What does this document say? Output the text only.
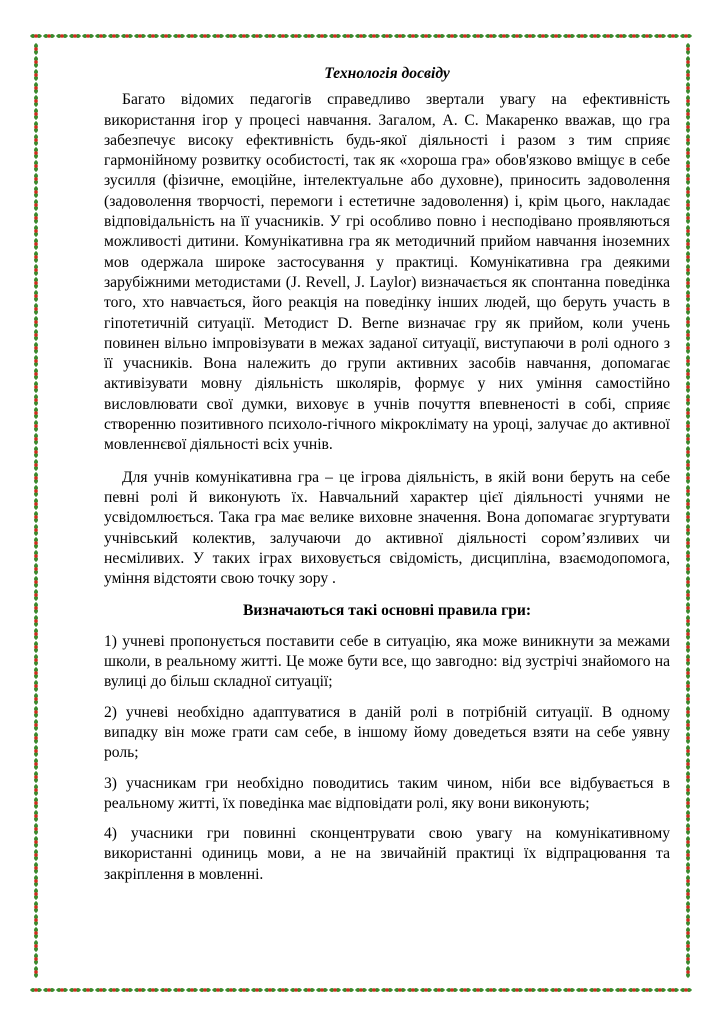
Технологія досвіду

Багато відомих педагогів справедливо звертали увагу на ефективність використання ігор у процесі навчання. Загалом, А. С. Макаренко вважав, що гра забезпечує високу ефективність будь-якої діяльності і разом з тим сприяє гармонійному розвитку особистості, так як «хороша гра» обов'язково вміщує в себе зусилля (фізичне, емоційне, інтелектуальне або духовне), приносить задоволення (задоволення творчості, перемоги і естетичне задоволення) і, крім цього, накладає відповідальність на її учасників. У грі особливо повно і несподівано проявляються можливості дитини. Комунікативна гра як методичний прийом навчання іноземних мов одержала широке застосування у практиці. Комунікативна гра деякими зарубіжними методистами (J. Revell, J. Laylor) визначається як спонтанна поведінка того, хто навчається, його реакція на поведінку інших людей, що беруть участь в гіпотетичній ситуації. Методист D. Berne визначає гру як прийом, коли учень повинен вільно імпровізувати в межах заданої ситуації, виступаючи в ролі одного з її учасників. Вона належить до групи активних засобів навчання, допомагає активізувати мовну діяльність школярів, формує у них уміння самостійно висловлювати свої думки, виховує в учнів почуття впевненості в собі, сприяє створенню позитивного психоло-гічного мікроклімату на уроці, залучає до активної мовленнєвої діяльності всіх учнів.

Для учнів комунікативна гра – це ігрова діяльність, в якій вони беруть на себе певні ролі й виконують їх. Навчальний характер цієї діяльності учнями не усвідомлюється. Така гра має велике виховне значення. Вона допомагає згуртувати учнівський колектив, залучаючи до активної діяльності сором’язливих чи несміливих. У таких іграх виховується свідомість, дисципліна, взаємодопомога, уміння відстояти свою точку зору .

Визначаються такі основні правила гри:

1) учневі пропонується поставити себе в ситуацію, яка може виникнути за межами школи, в реальному житті. Це може бути все, що завгодно: від зустрічі знайомого на вулиці до більш складної ситуації;

2) учневі необхідно адаптуватися в даній ролі в потрібній ситуації. В одному випадку він може грати сам себе, в іншому йому доведеться взяти на себе уявну роль;

3) учасникам гри необхідно поводитись таким чином, ніби все відбувається в реальному житті, їх поведінка має відповідати ролі, яку вони виконують;

4) учасники гри повинні сконцентрувати свою увагу на комунікативному використанні одиниць мови, а не на звичайній практиці їх відпрацювання та закріплення в мовленні.
